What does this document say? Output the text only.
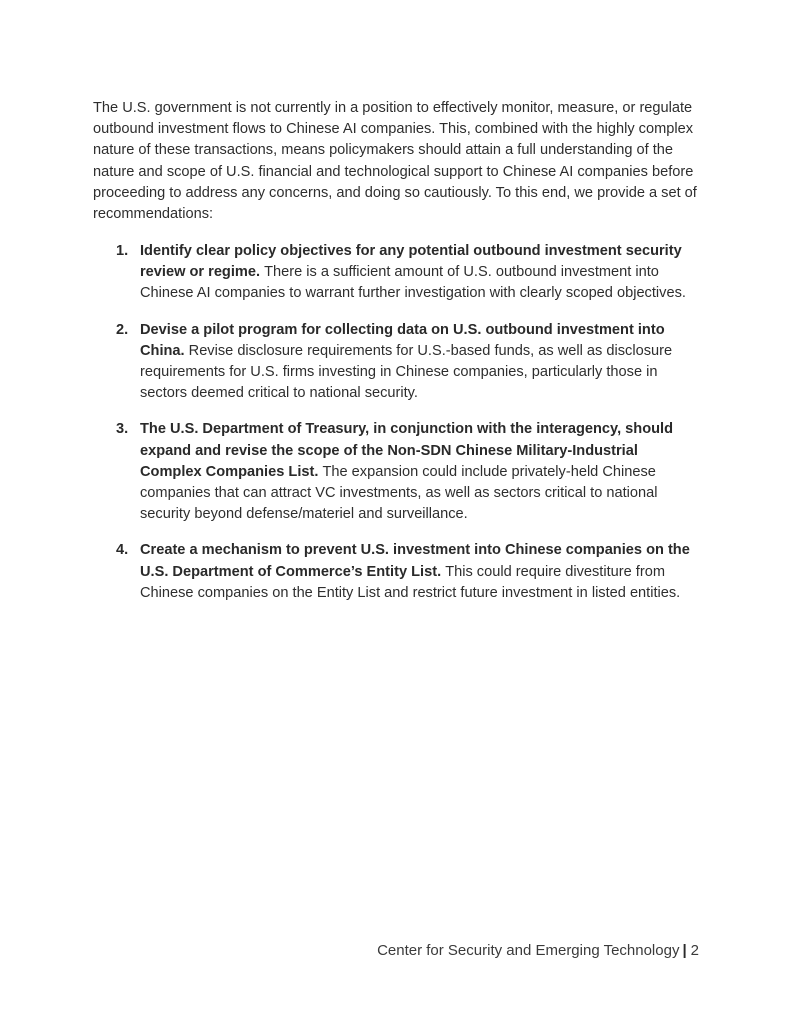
The U.S. government is not currently in a position to effectively monitor, measure, or regulate outbound investment flows to Chinese AI companies. This, combined with the highly complex nature of these transactions, means policymakers should attain a full understanding of the nature and scope of U.S. financial and technological support to Chinese AI companies before proceeding to address any concerns, and doing so cautiously. To this end, we provide a set of recommendations:

1. Identify clear policy objectives for any potential outbound investment security review or regime. There is a sufficient amount of U.S. outbound investment into Chinese AI companies to warrant further investigation with clearly scoped objectives.
2. Devise a pilot program for collecting data on U.S. outbound investment into China. Revise disclosure requirements for U.S.-based funds, as well as disclosure requirements for U.S. firms investing in Chinese companies, particularly those in sectors deemed critical to national security.
3. The U.S. Department of Treasury, in conjunction with the interagency, should expand and revise the scope of the Non-SDN Chinese Military-Industrial Complex Companies List. The expansion could include privately-held Chinese companies that can attract VC investments, as well as sectors critical to national security beyond defense/materiel and surveillance.
4. Create a mechanism to prevent U.S. investment into Chinese companies on the U.S. Department of Commerce’s Entity List. This could require divestiture from Chinese companies on the Entity List and restrict future investment in listed entities.
Center for Security and Emerging Technology | 2
